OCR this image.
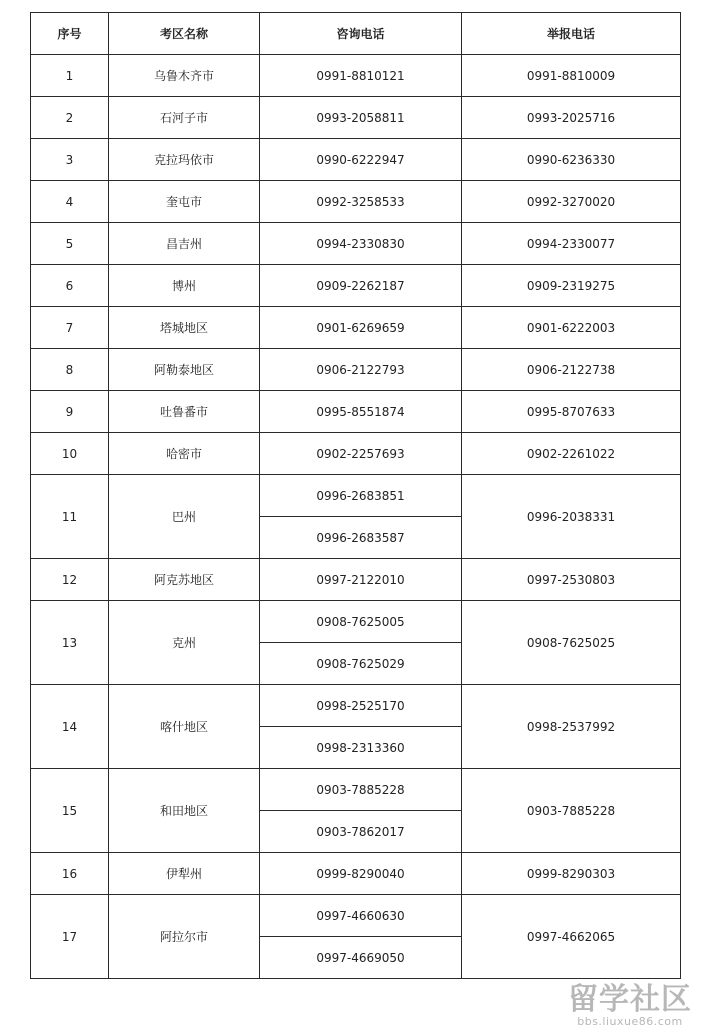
序号	考区名称	咨询电话	举报电话
1	乌鲁木齐市	0991-8810121	0991-8810009
2	石河子市	0993-2058811	0993-2025716
3	克拉玛依市	0990-6222947	0990-6236330
4	奎屯市	0992-3258533	0992-3270020
5	昌吉州	0994-2330830	0994-2330077
6	博州	0909-2262187	0909-2319275
7	塔城地区	0901-6269659	0901-6222003
8	阿勒泰地区	0906-2122793	0906-2122738
9	吐鲁番市	0995-8551874	0995-8707633
10	哈密市	0902-2257693	0902-2261022
11	巴州	0996-2683851	0996-2038331
		0996-2683587	
12	阿克苏地区	0997-2122010	0997-2530803
13	克州	0908-7625005	0908-7625025
		0908-7625029	
14	喀什地区	0998-2525170	0998-2537992
		0998-2313360	
15	和田地区	0903-7885228	0903-7885228
		0903-7862017	
16	伊犁州	0999-8290040	0999-8290303
17	阿拉尔市	0997-4660630	0997-4662065
		0997-4669050	
留学社区
bbs.liuxue86.com
